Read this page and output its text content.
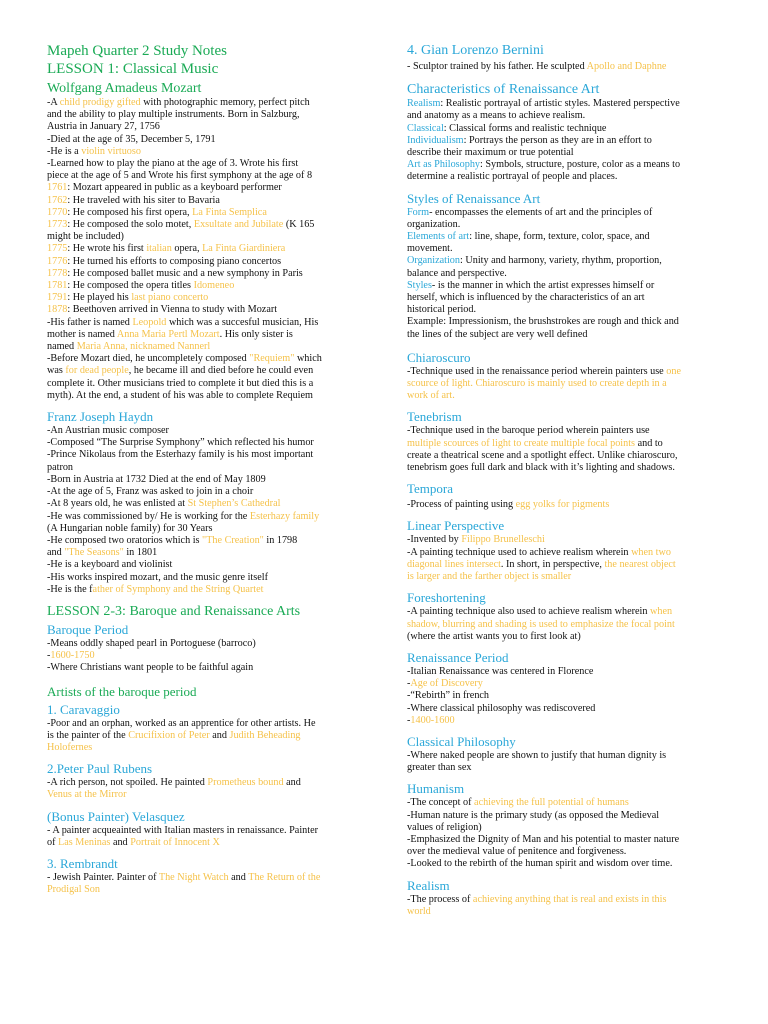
Mapeh Quarter 2 Study Notes
LESSON 1: Classical Music
Wolfgang Amadeus Mozart

-A child prodigy gifted with photographic memory, perfect pitch

and the ability to play multiple instruments. Born in Salzburg,

Austria in January 27, 1756

-Died at the age of 35, December 5, 1791

-He is a violin virtuoso

-Learned how to play the piano at the age of 3. Wrote his first

piece at the age of 5 and Wrote his first symphony at the age of 8

1761: Mozart appeared in public as a keyboard performer

1762: He traveled with his siter to Bavaria

1770: He composed his first opera, La Finta Semplica

1773: He composed the solo motet, Exsultate and Jubilate (K 165

might be included)

1775: He wrote his first italian opera, La Finta Giardiniera

1776: He turned his efforts to composing piano concertos

1778: He composed ballet music and a new symphony in Paris

1781: He composed the opera titles Idomeneo

1791: He played his last piano concerto

1878: Beethoven arrived in Vienna to study with Mozart

-His father is named Leopold which was a succesful musician, His

mother is named Anna Maria Pertl Mozart. His only sister is

named Maria Anna, nicknamed Nannerl

-Before Mozart died, he uncompletely composed "Requiem" which

was for dead people, he became ill and died before he could even

complete it. Other musicians tried to complete it but died this is a

myth). At the end, a student of his was able to complete Requiem

Franz Joseph Haydn

-An Austrian music composer

-Composed “The Surprise Symphony” which reflected his humor

-Prince Nikolaus from the Esterhazy family is his most important

patron

-Born in Austria at 1732 Died at the end of May 1809

-At the age of 5, Franz was asked to join in a choir

-At 8 years old, he was enlisted at St Stephen’s Cathedral

-He was commissioned by/ He is working for the Esterhazy family

(A Hungarian noble family) for 30 Years

-He composed two oratorios which is "The Creation" in 1798

and "The Seasons" in 1801

-He is a keyboard and violinist

-His works inspired mozart, and the music genre itself

-He is the father of Symphony and the String Quartet

LESSON 2-3: Baroque and Renaissance Arts
Baroque Period

-Means oddly shaped pearl in Portoguese (barroco)

-1600-1750

-Where Christians want people to be faithful again

Artists of the baroque period
1. Caravaggio

-Poor and an orphan, worked as an apprentice for other artists. He

is the painter of the Crucifixion of Peter and Judith Beheading

Holofernes

2.Peter Paul Rubens

-A rich person, not spoiled. He painted Prometheus bound and

Venus at the Mirror

(Bonus Painter) Velasquez

- A painter acqueainted with Italian masters in renaissance. Painter

of Las Meninas and Portrait of Innocent X

3. Rembrandt

- Jewish Painter. Painter of The Night Watch and The Return of the

Prodigal Son

4. Gian Lorenzo Bernini

- Sculptor trained by his father. He sculpted Apollo and Daphne

Characteristics of Renaissance Art

Realism: Realistic portrayal of artistic styles. Mastered perspective

and anatomy as a means to achieve realism.

Classical: Classical forms and realistic technique

Individualism: Portrays the person as they are in an effort to

describe their maximum or true potential

Art as Philosophy: Symbols, structure, posture, color as a means to

determine a realistic portrayal of people and places.

Styles of Renaissance Art

Form- encompasses the elements of art and the principles of

organization.

Elements of art: line, shape, form, texture, color, space, and

movement.

Organization: Unity and harmony, variety, rhythm, proportion,

balance and perspective.

Styles- is the manner in which the artist expresses himself or

herself, which is influenced by the characteristics of an art

historical period.

Example: Impressionism, the brushstrokes are rough and thick and

the lines of the subject are very well defined

Chiaroscuro

-Technique used in the renaissance period wherein painters use one

scource of light. Chiaroscuro is mainly used to create depth in a

work of art.

Tenebrism

-Technique used in the baroque period wherein painters use

multiple scources of light to create multiple focal points and to

create a theatrical scene and a spotlight effect. Unlike chiaroscuro,

tenebrism goes full dark and black with it’s lighting and shadows.

Tempora

-Process of painting using egg yolks for pigments

Linear Perspective

-Invented by Filippo Brunelleschi

-A painting technique used to achieve realism wherein when two

diagonal lines intersect. In short, in perspective, the nearest object

is larger and the farther object is smaller

Foreshortening

-A painting technique also used to achieve realism wherein when

shadow, blurring and shading is used to emphasize the focal point

(where the artist wants you to first look at)

Renaissance Period

-Italian Renaissance was centered in Florence

-Age of Discovery

-“Rebirth” in french

-Where classical philosophy was rediscovered

-1400-1600

Classical Philosophy

-Where naked people are shown to justify that human dignity is

greater than sex

Humanism

-The concept of achieving the full potential of humans

-Human nature is the primary study (as opposed the Medieval

values of religion)

-Emphasized the Dignity of Man and his potential to master nature

over the medieval value of penitence and forgiveness.

-Looked to the rebirth of the human spirit and wisdom over time.

Realism

-The process of achieving anything that is real and exists in this

world
